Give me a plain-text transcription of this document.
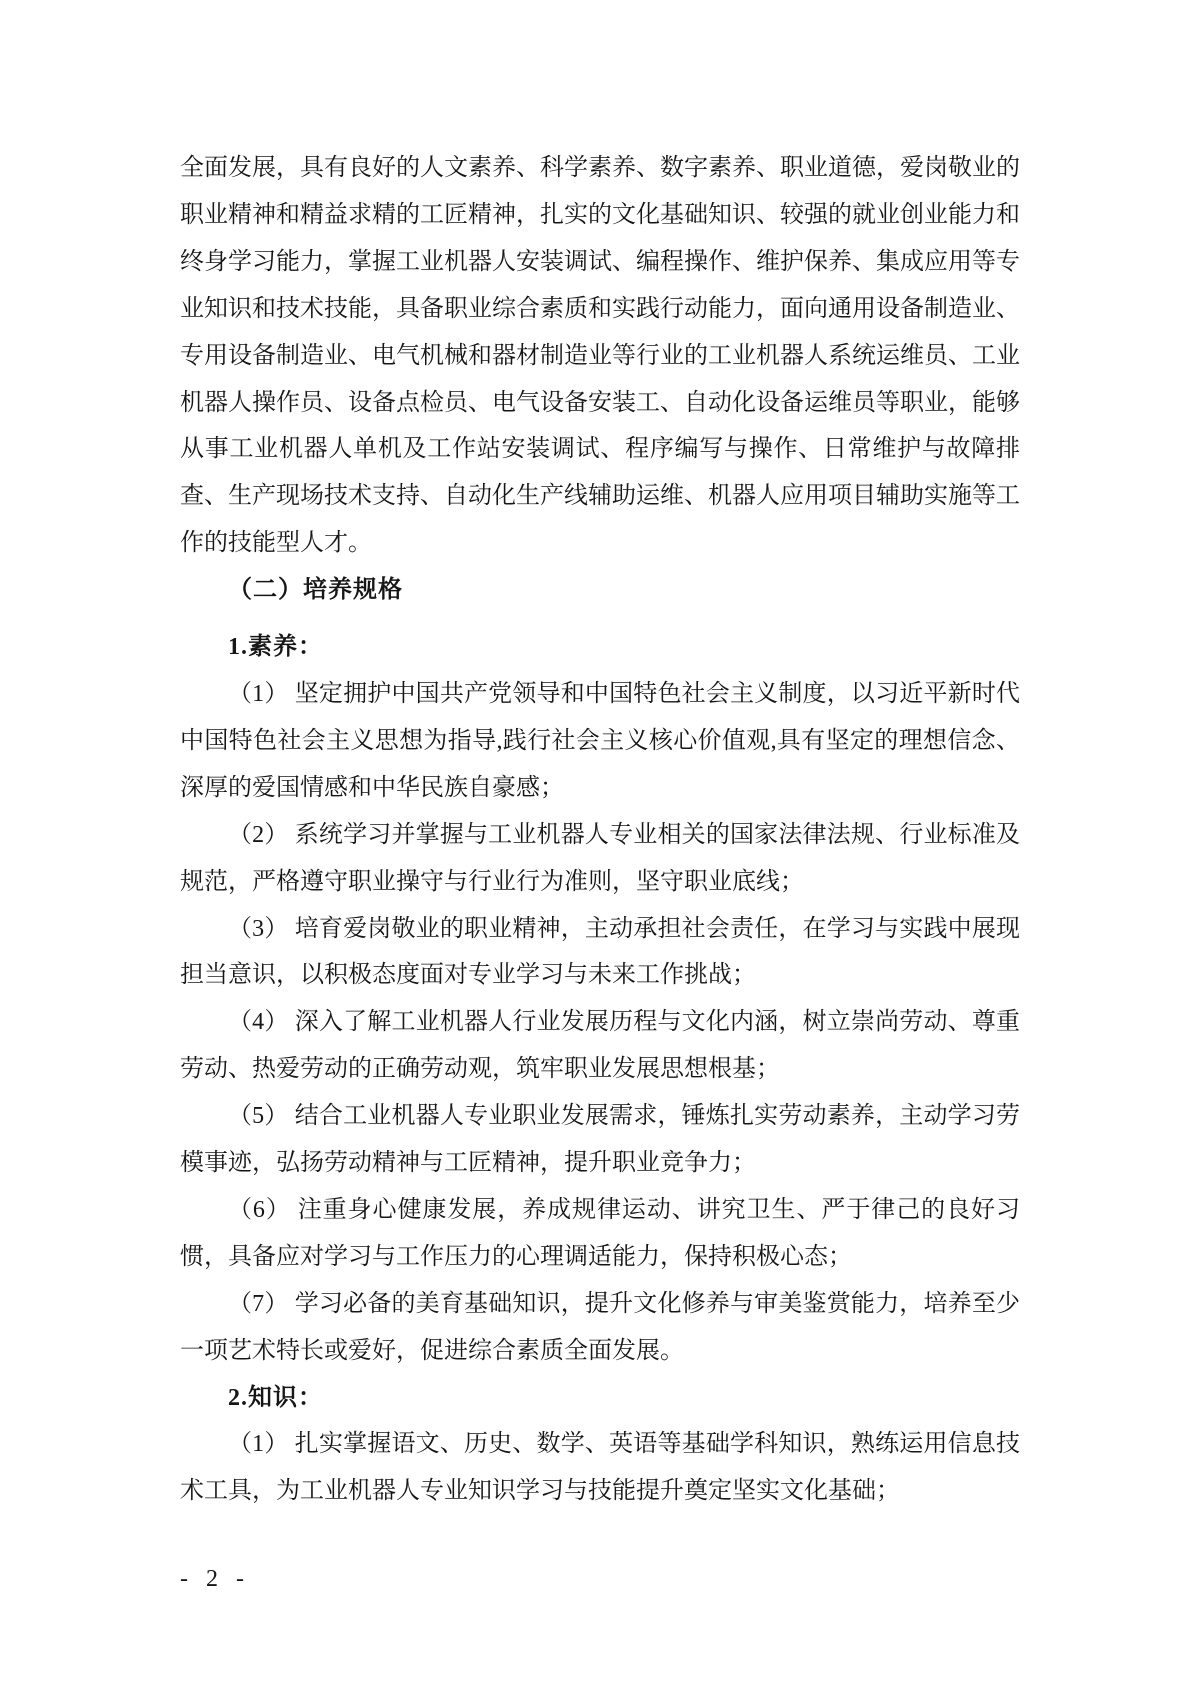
全面发展，具有良好的人文素养、科学素养、数字素养、职业道德，爱岗敬业的职业精神和精益求精的工匠精神，扎实的文化基础知识、较强的就业创业能力和终身学习能力，掌握工业机器人安装调试、编程操作、维护保养、集成应用等专业知识和技术技能，具备职业综合素质和实践行动能力，面向通用设备制造业、专用设备制造业、电气机械和器材制造业等行业的工业机器人系统运维员、工业机器人操作员、设备点检员、电气设备安装工、自动化设备运维员等职业，能够从事工业机器人单机及工作站安装调试、程序编写与操作、日常维护与故障排查、生产现场技术支持、自动化生产线辅助运维、机器人应用项目辅助实施等工作的技能型人才。

（二）培养规格

1.素养：

（1） 坚定拥护中国共产党领导和中国特色社会主义制度，以习近平新时代中国特色社会主义思想为指导,践行社会主义核心价值观,具有坚定的理想信念、深厚的爱国情感和中华民族自豪感；

（2） 系统学习并掌握与工业机器人专业相关的国家法律法规、行业标准及规范，严格遵守职业操守与行业行为准则，坚守职业底线；

（3） 培育爱岗敬业的职业精神，主动承担社会责任，在学习与实践中展现担当意识，以积极态度面对专业学习与未来工作挑战；

（4） 深入了解工业机器人行业发展历程与文化内涵，树立崇尚劳动、尊重劳动、热爱劳动的正确劳动观，筑牢职业发展思想根基；

（5） 结合工业机器人专业职业发展需求，锤炼扎实劳动素养，主动学习劳模事迹，弘扬劳动精神与工匠精神，提升职业竞争力；

（6） 注重身心健康发展，养成规律运动、讲究卫生、严于律己的良好习惯，具备应对学习与工作压力的心理调适能力，保持积极心态；

（7） 学习必备的美育基础知识，提升文化修养与审美鉴赏能力，培养至少一项艺术特长或爱好，促进综合素质全面发展。

2.知识：

（1） 扎实掌握语文、历史、数学、英语等基础学科知识，熟练运用信息技术工具，为工业机器人专业知识学习与技能提升奠定坚实文化基础；

- 2 -
